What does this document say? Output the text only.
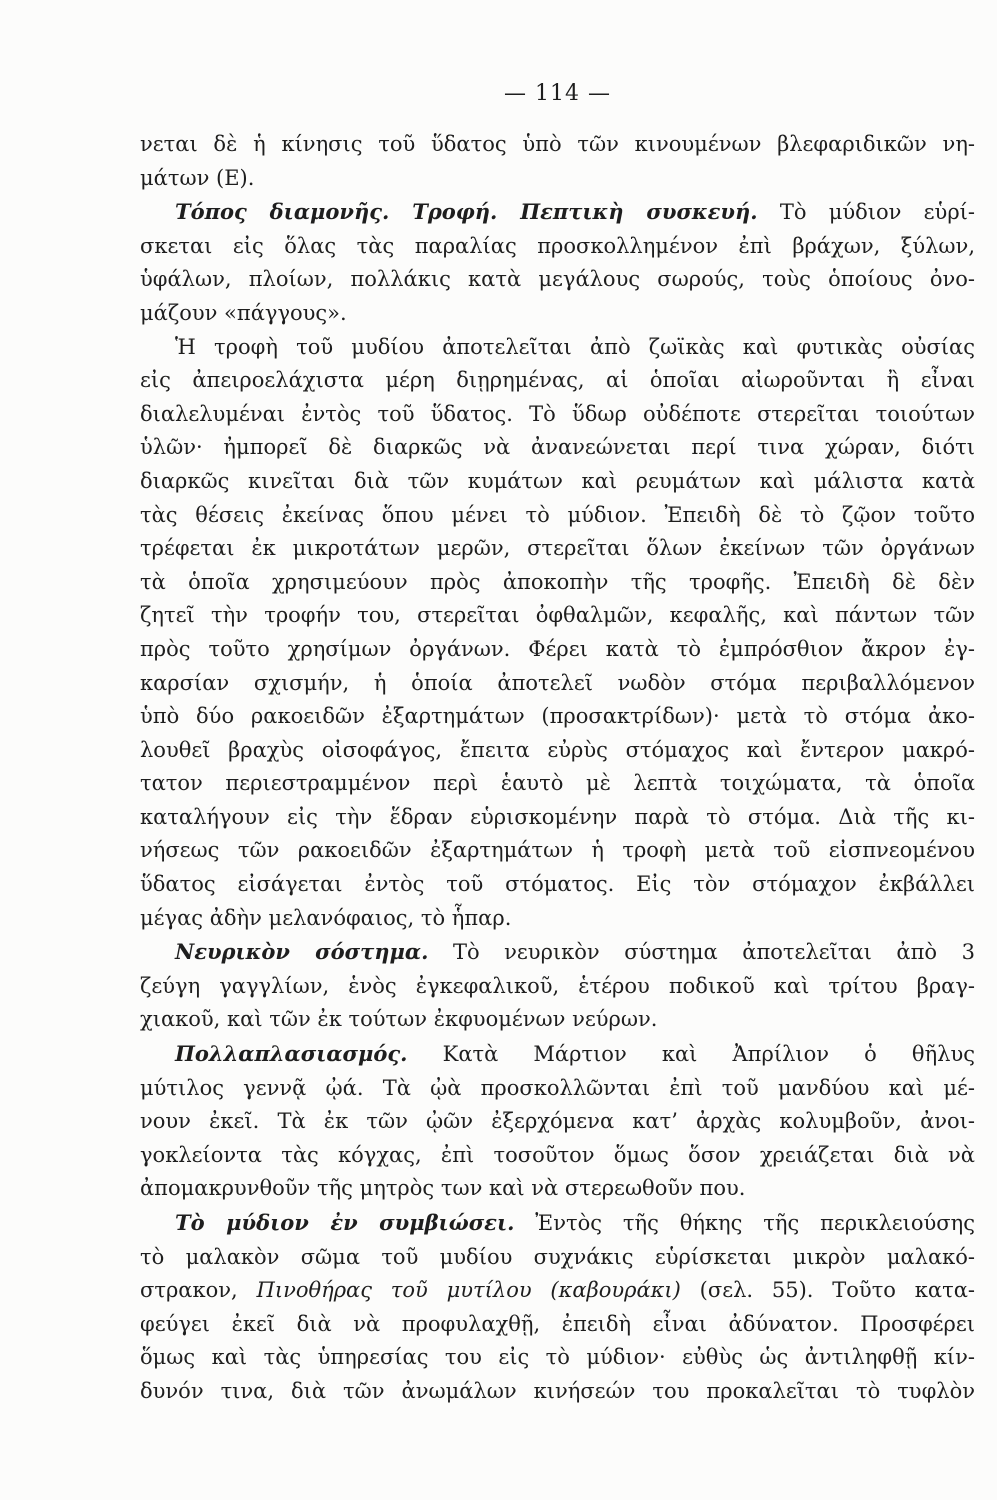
— 114 —
νεται δὲ ἡ κίνησις τοῦ ὕδατος ὑπὸ τῶν κινουμένων βλεφαριδικῶν νη-
μάτων (Ε).
Τόπος διαμονῆς. Τροφή. Πεπτικὴ συσκευή. Τὸ μύδιον εὑρί-
σκεται εἰς ὅλας τὰς παραλίας προσκολλημένον ἐπὶ βράχων, ξύλων,
ὑφάλων, πλοίων, πολλάκις κατὰ μεγάλους σωρούς, τοὺς ὁποίους ὀνο-
μάζουν «πάγγους».
Ἡ τροφὴ τοῦ μυδίου ἀποτελεῖται ἀπὸ ζωϊκὰς καὶ φυτικὰς οὐσίας
εἰς ἀπειροελάχιστα μέρη διῃρημένας, αἱ ὁποῖαι αἰωροῦνται ἢ εἶναι
διαλελυμέναι ἐντὸς τοῦ ὕδατος. Τὸ ὕδωρ οὐδέποτε στερεῖται τοιούτων
ὑλῶν· ἠμπορεῖ δὲ διαρκῶς νὰ ἀνανεώνεται περί τινα χώραν, διότι
διαρκῶς κινεῖται διὰ τῶν κυμάτων καὶ ρευμάτων καὶ μάλιστα κατὰ
τὰς θέσεις ἐκείνας ὅπου μένει τὸ μύδιον. Ἐπειδὴ δὲ τὸ ζῷον τοῦτο
τρέφεται ἐκ μικροτάτων μερῶν, στερεῖται ὅλων ἐκείνων τῶν ὀργάνων
τὰ ὁποῖα χρησιμεύουν πρὸς ἀποκοπὴν τῆς τροφῆς. Ἐπειδὴ δὲ δὲν
ζητεῖ τὴν τροφήν του, στερεῖται ὀφθαλμῶν, κεφαλῆς, καὶ πάντων τῶν
πρὸς τοῦτο χρησίμων ὀργάνων. Φέρει κατὰ τὸ ἐμπρόσθιον ἄκρον ἐγ-
καρσίαν σχισμήν, ἡ ὁποία ἀποτελεῖ νωδὸν στόμα περιβαλλόμενον
ὑπὸ δύο ρακοειδῶν ἐξαρτημάτων (προσακτρίδων)· μετὰ τὸ στόμα ἀκο-
λουθεῖ βραχὺς οἰσοφάγος, ἔπειτα εὐρὺς στόμαχος καὶ ἔντερον μακρό-
τατον περιεστραμμένον περὶ ἑαυτὸ μὲ λεπτὰ τοιχώματα, τὰ ὁποῖα
καταλήγουν εἰς τὴν ἕδραν εὑρισκομένην παρὰ τὸ στόμα. Διὰ τῆς κι-
νήσεως τῶν ρακοειδῶν ἐξαρτημάτων ἡ τροφὴ μετὰ τοῦ εἰσπνεομένου
ὕδατος εἰσάγεται ἐντὸς τοῦ στόματος. Εἰς τὸν στόμαχον ἐκβάλλει
μέγας ἀδὴν μελανόφαιος, τὸ ἧπαρ.
Νευρικὸν σόστημα. Τὸ νευρικὸν σύστημα ἀποτελεῖται ἀπὸ 3
ζεύγη γαγγλίων, ἑνὸς ἐγκεφαλικοῦ, ἑτέρου ποδικοῦ καὶ τρίτου βραγ-
χιακοῦ, καὶ τῶν ἐκ τούτων ἐκφυομένων νεύρων.
Πολλαπλασιασμός. Κατὰ Μάρτιον καὶ Ἀπρίλιον ὁ θῆλυς
μύτιλος γεννᾷ ᾠά. Τὰ ᾠὰ προσκολλῶνται ἐπὶ τοῦ μανδύου καὶ μέ-
νουν ἐκεῖ. Τὰ ἐκ τῶν ᾠῶν ἐξερχόμενα κατ’ ἀρχὰς κολυμβοῦν, ἀνοι-
γοκλείοντα τὰς κόγχας, ἐπὶ τοσοῦτον ὅμως ὅσον χρειάζεται διὰ νὰ
ἀπομακρυνθοῦν τῆς μητρὸς των καὶ νὰ στερεωθοῦν που.
Τὸ μύδιον ἐν συμβιώσει. Ἐντὸς τῆς θήκης τῆς περικλειούσης
τὸ μαλακὸν σῶμα τοῦ μυδίου συχνάκις εὑρίσκεται μικρὸν μαλακό-
στρακον, Πινοθήρας τοῦ μυτίλου (καβουράκι) (σελ. 55). Τοῦτο κατα-
φεύγει ἐκεῖ διὰ νὰ προφυλαχθῇ, ἐπειδὴ εἶναι ἀδύνατον. Προσφέρει
ὅμως καὶ τὰς ὑπηρεσίας του εἰς τὸ μύδιον· εὐθὺς ὡς ἀντιληφθῇ κίν-
δυνόν τινα, διὰ τῶν ἀνωμάλων κινήσεών του προκαλεῖται τὸ τυφλὸν
